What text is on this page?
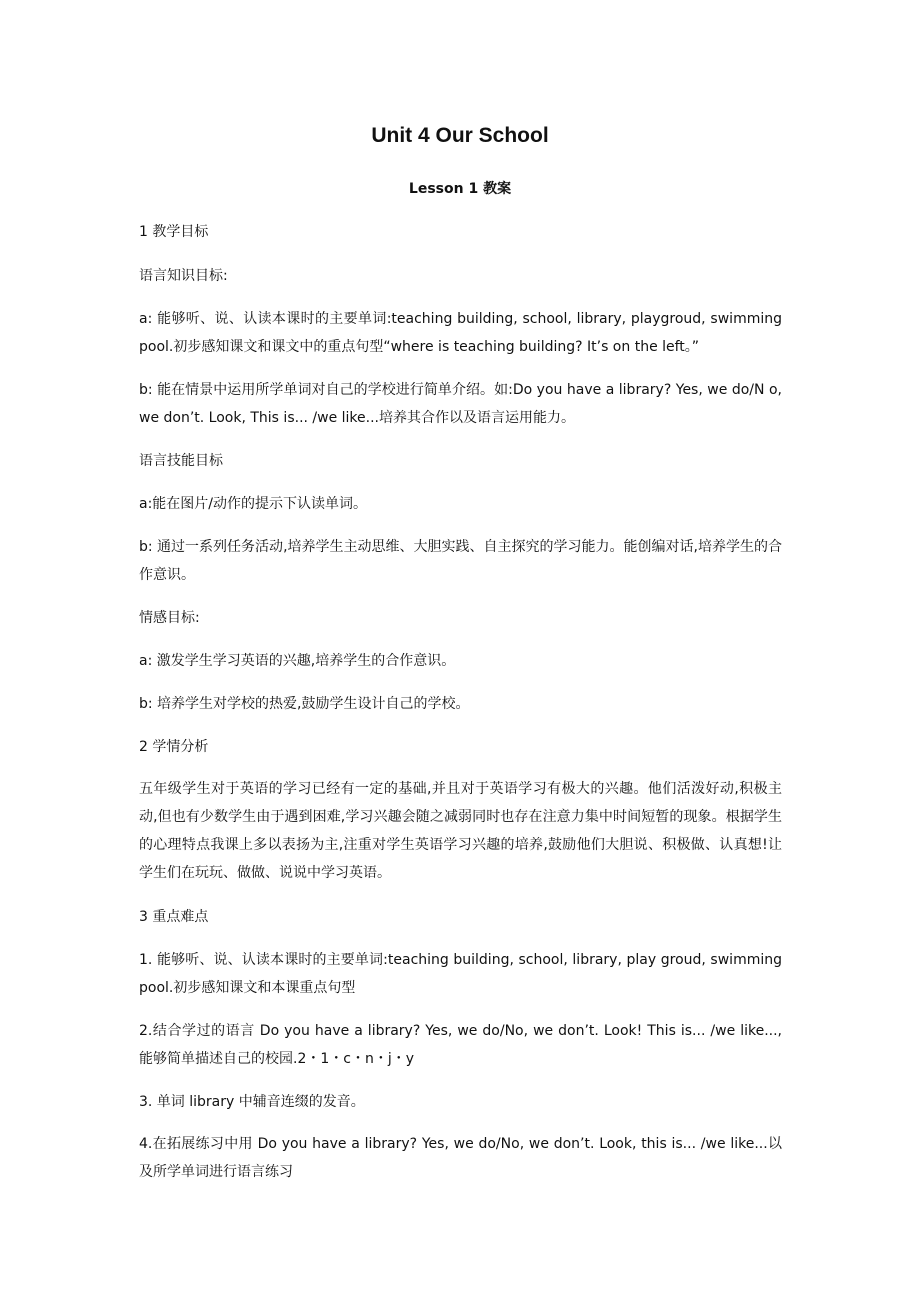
Unit 4 Our School
Lesson 1 教案

1 教学目标

语言知识目标:

a: 能够听、说、认读本课时的主要单词:teaching building, school, library, playgroud, swimming pool.初步感知课文和课文中的重点句型“where is teaching building? It’s on the left。”

b: 能在情景中运用所学单词对自己的学校进行简单介绍。如:Do you have a library? Yes, we do/N o, we don’t. Look, This is... /we like...培养其合作以及语言运用能力。

语言技能目标

a:能在图片/动作的提示下认读单词。

b: 通过一系列任务活动,培养学生主动思维、大胆实践、自主探究的学习能力。能创编对话,培养学生的合作意识。

情感目标:

a: 激发学生学习英语的兴趣,培养学生的合作意识。

b: 培养学生对学校的热爱,鼓励学生设计自己的学校。

2 学情分析

五年级学生对于英语的学习已经有一定的基础,并且对于英语学习有极大的兴趣。他们活泼好动,积极主动,但也有少数学生由于遇到困难,学习兴趣会随之减弱同时也存在注意力集中时间短暂的现象。根据学生的心理特点我课上多以表扬为主,注重对学生英语学习兴趣的培养,鼓励他们大胆说、积极做、认真想!让学生们在玩玩、做做、说说中学习英语。

3 重点难点

1. 能够听、说、认读本课时的主要单词:teaching building, school, library, play groud, swimming pool.初步感知课文和本课重点句型

2.结合学过的语言 Do you have a library? Yes, we do/No, we don’t. Look! This is... /we like..., 能够简单描述自己的校园.2・1・c・n・j・y

3. 单词 library 中辅音连缀的发音。

4.在拓展练习中用 Do you have a library? Yes, we do/No, we don’t. Look, this is... /we like...以及所学单词进行语言练习
